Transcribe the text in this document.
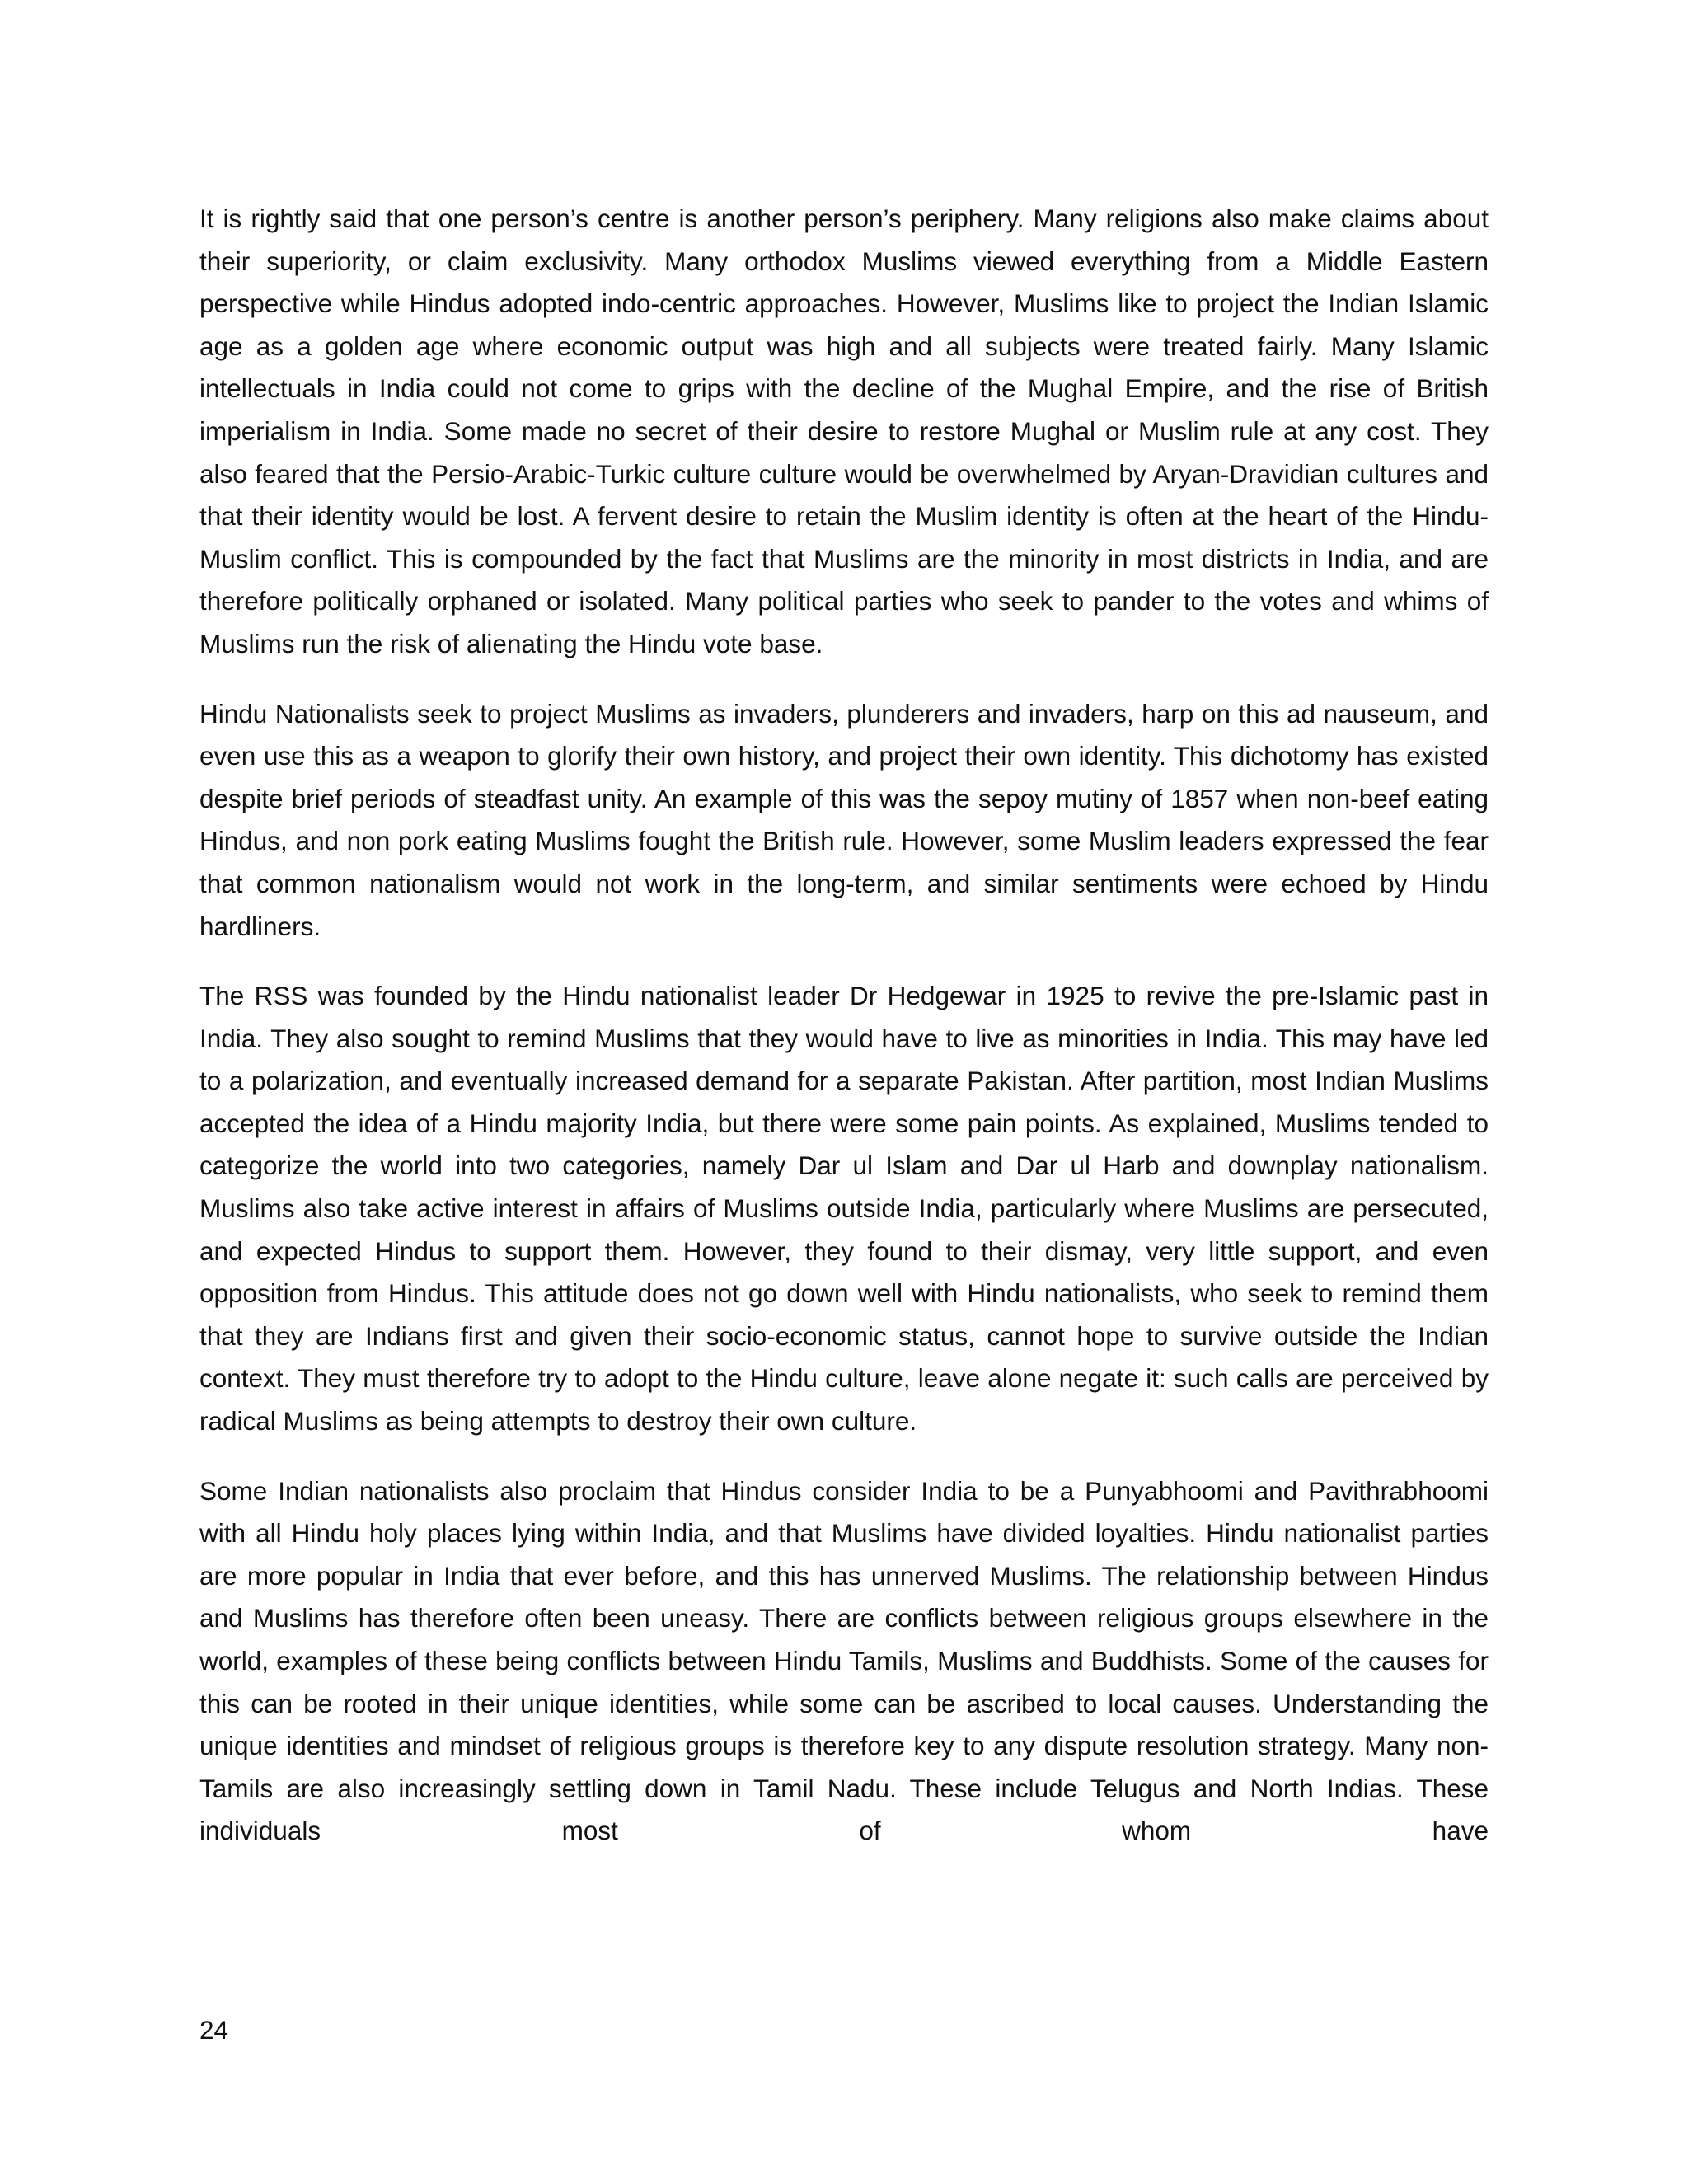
It is rightly said that one person’s centre is another person’s periphery. Many religions also make claims about their superiority, or claim exclusivity. Many orthodox Muslims viewed everything from a Middle Eastern perspective while Hindus adopted indo-centric approaches. However, Muslims like to project the Indian Islamic age as a golden age where economic output was high and all subjects were treated fairly. Many Islamic intellectuals in India could not come to grips with the decline of the Mughal Empire, and the rise of British imperialism in India. Some made no secret of their desire to restore Mughal or Muslim rule at any cost. They also feared that the Persio-Arabic-Turkic culture culture would be overwhelmed by Aryan-Dravidian cultures and that their identity would be lost. A fervent desire to retain the Muslim identity is often at the heart of the Hindu-Muslim conflict. This is compounded by the fact that Muslims are the minority in most districts in India, and are therefore politically orphaned or isolated. Many political parties who seek to pander to the votes and whims of Muslims run the risk of alienating the Hindu vote base.

Hindu Nationalists seek to project Muslims as invaders, plunderers and invaders, harp on this ad nauseum, and even use this as a weapon to glorify their own history, and project their own identity. This dichotomy has existed despite brief periods of steadfast unity. An example of this was the sepoy mutiny of 1857 when non-beef eating Hindus, and non pork eating Muslims fought the British rule. However, some Muslim leaders expressed the fear that common nationalism would not work in the long-term, and similar sentiments were echoed by Hindu hardliners.

The RSS was founded by the Hindu nationalist leader Dr Hedgewar in 1925 to revive the pre-Islamic past in India. They also sought to remind Muslims that they would have to live as minorities in India. This may have led to a polarization, and eventually increased demand for a separate Pakistan. After partition, most Indian Muslims accepted the idea of a Hindu majority India, but there were some pain points. As explained, Muslims tended to categorize the world into two categories, namely Dar ul Islam and Dar ul Harb and downplay nationalism. Muslims also take active interest in affairs of Muslims outside India, particularly where Muslims are persecuted, and expected Hindus to support them. However, they found to their dismay, very little support, and even opposition from Hindus. This attitude does not go down well with Hindu nationalists, who seek to remind them that they are Indians first and given their socio-economic status, cannot hope to survive outside the Indian context. They must therefore try to adopt to the Hindu culture, leave alone negate it: such calls are perceived by radical Muslims as being attempts to destroy their own culture.

Some Indian nationalists also proclaim that Hindus consider India to be a Punyabhoomi and Pavithrabhoomi with all Hindu holy places lying within India, and that Muslims have divided loyalties. Hindu nationalist parties are more popular in India that ever before, and this has unnerved Muslims. The relationship between Hindus and Muslims has therefore often been uneasy. There are conflicts between religious groups elsewhere in the world, examples of these being conflicts between Hindu Tamils, Muslims and Buddhists. Some of the causes for this can be rooted in their unique identities, while some can be ascribed to local causes. Understanding the unique identities and mindset of religious groups is therefore key to any dispute resolution strategy. Many non-Tamils are also increasingly settling down in Tamil Nadu. These include Telugus and North Indias. These individuals most of whom have

24
